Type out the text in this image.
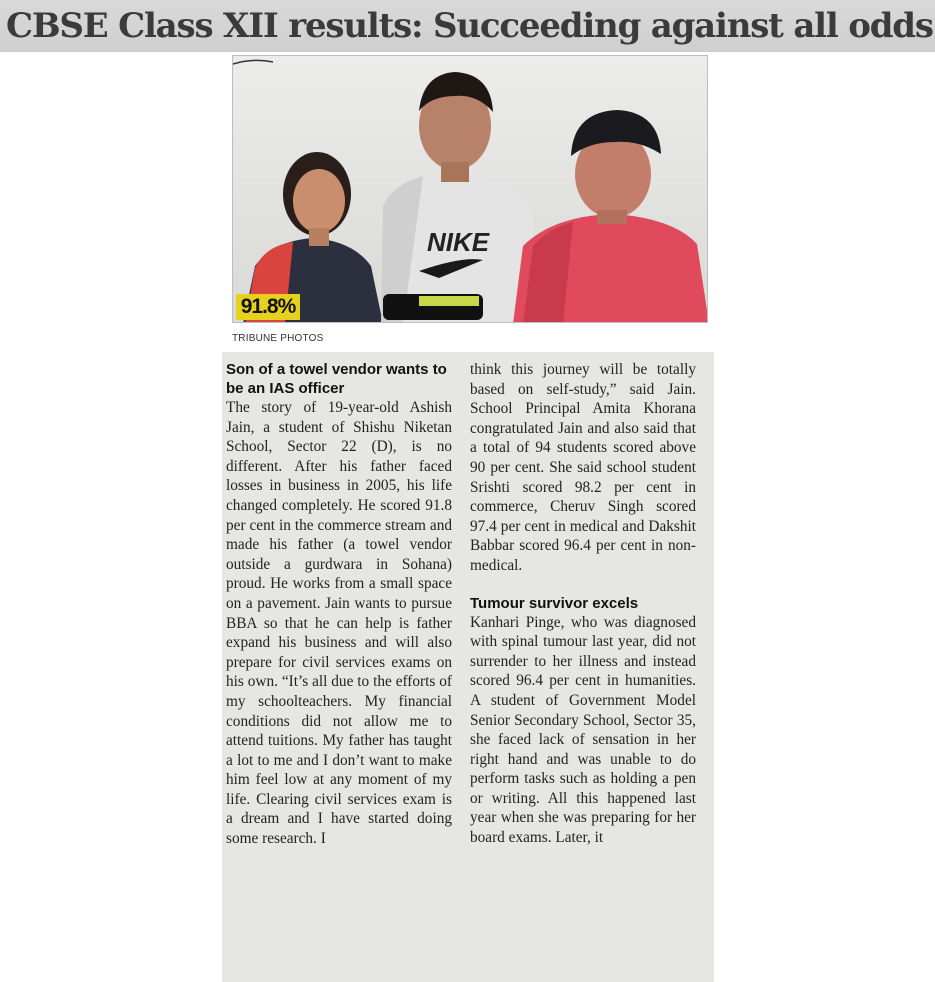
CBSE Class XII results: Succeeding against all odds
NIKE
91.8%
TRIBUNE PHOTOS
Son of a towel vendor wants to be an IAS officer
The story of 19-year-old Ashish Jain, a student of Shishu Niketan School, Sector 22 (D), is no different. After his father faced losses in business in 2005, his life changed completely. He scored 91.8 per cent in the commerce stream and made his father (a towel vendor outside a gurdwara in Sohana) proud. He works from a small space on a pavement. Jain wants to pursue BBA so that he can help is father expand his business and will also prepare for civil services exams on his own. “It’s all due to the efforts of my schoolteachers. My financial conditions did not allow me to attend tuitions. My father has taught a lot to me and I don’t want to make him feel low at any moment of my life. Clearing civil services exam is a dream and I have started doing some research. I
think this journey will be totally based on self-study,” said Jain. School Principal Amita Khorana congratulated Jain and also said that a total of 94 students scored above 90 per cent. She said school student Srishti scored 98.2 per cent in commerce, Cheruv Singh scored 97.4 per cent in medical and Dakshit Babbar scored 96.4 per cent in non-medical.
Tumour survivor excels
Kanhari Pinge, who was diagnosed with spinal tumour last year, did not surrender to her illness and instead scored 96.4 per cent in humanities. A student of Government Model Senior Secondary School, Sector 35, she faced lack of sensation in her right hand and was unable to do perform tasks such as holding a pen or writing. All this happened last year when she was preparing for her board exams. Later, it
